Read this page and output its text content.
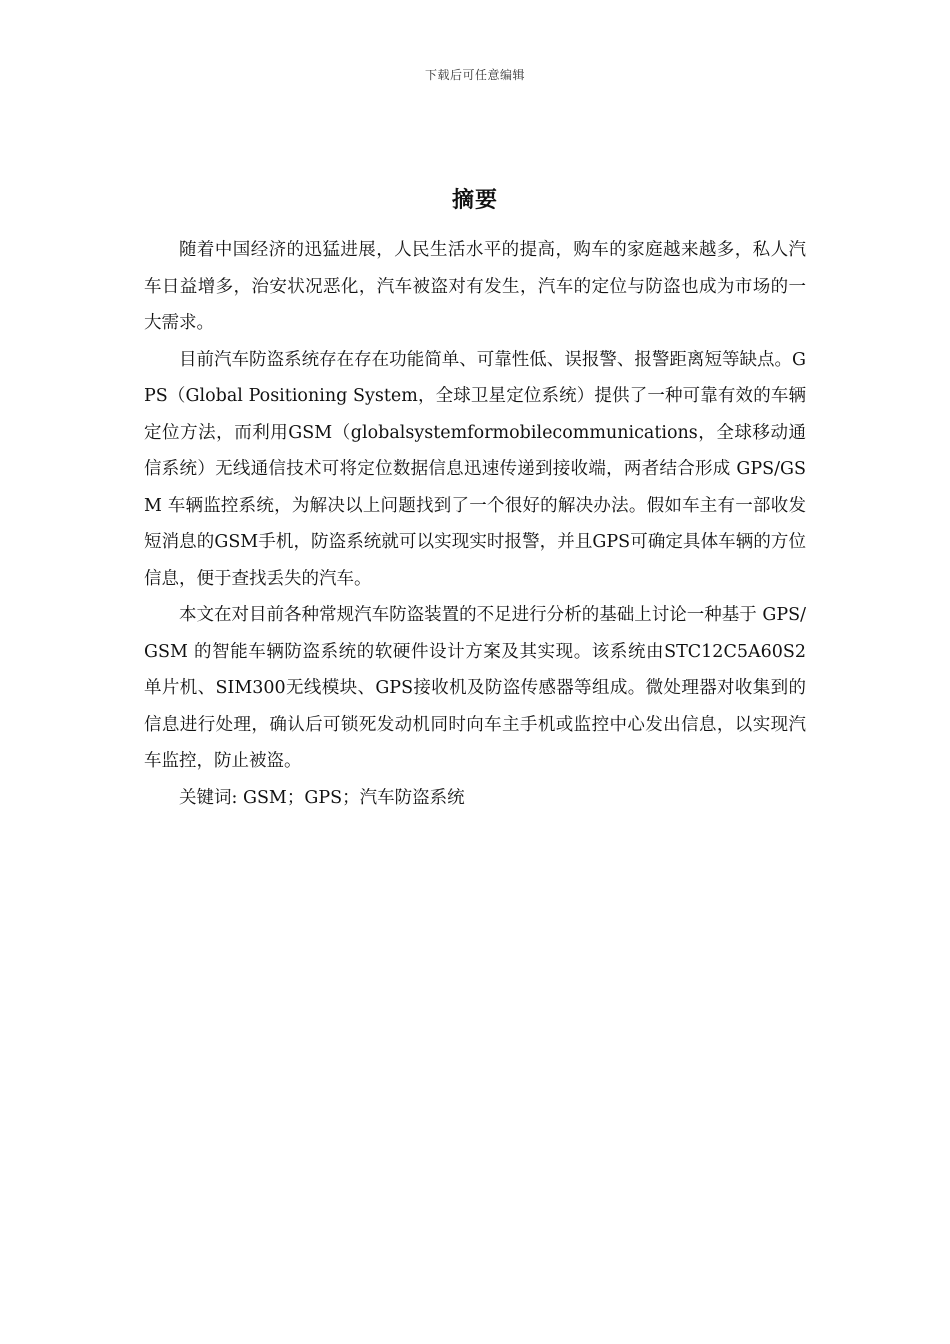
下载后可任意编辑
摘要

随着中国经济的迅猛进展，人民生活水平的提高，购车的家庭越来越多，私人汽车日益增多，治安状况恶化，汽车被盗对有发生，汽车的定位与防盗也成为市场的一大需求。

目前汽车防盗系统存在存在功能简单、可靠性低、误报警、报警距离短等缺点。GPS（Global Positioning System，全球卫星定位系统）提供了一种可靠有效的车辆定位方法，而利用GSM（globalsystemformobilecommunications，全球移动通信系统）无线通信技术可将定位数据信息迅速传递到接收端，两者结合形成 GPS/GSM 车辆监控系统，为解决以上问题找到了一个很好的解决办法。假如车主有一部收发短消息的GSM手机，防盗系统就可以实现实时报警，并且GPS可确定具体车辆的方位信息，便于查找丢失的汽车。

本文在对目前各种常规汽车防盗装置的不足进行分析的基础上讨论一种基于 GPS/GSM 的智能车辆防盗系统的软硬件设计方案及其实现。该系统由STC12C5A60S2单片机、SIM300无线模块、GPS接收机及防盗传感器等组成。微处理器对收集到的信息进行处理，确认后可锁死发动机同时向车主手机或监控中心发出信息，以实现汽车监控，防止被盗。

关键词: GSM；GPS；汽车防盗系统
